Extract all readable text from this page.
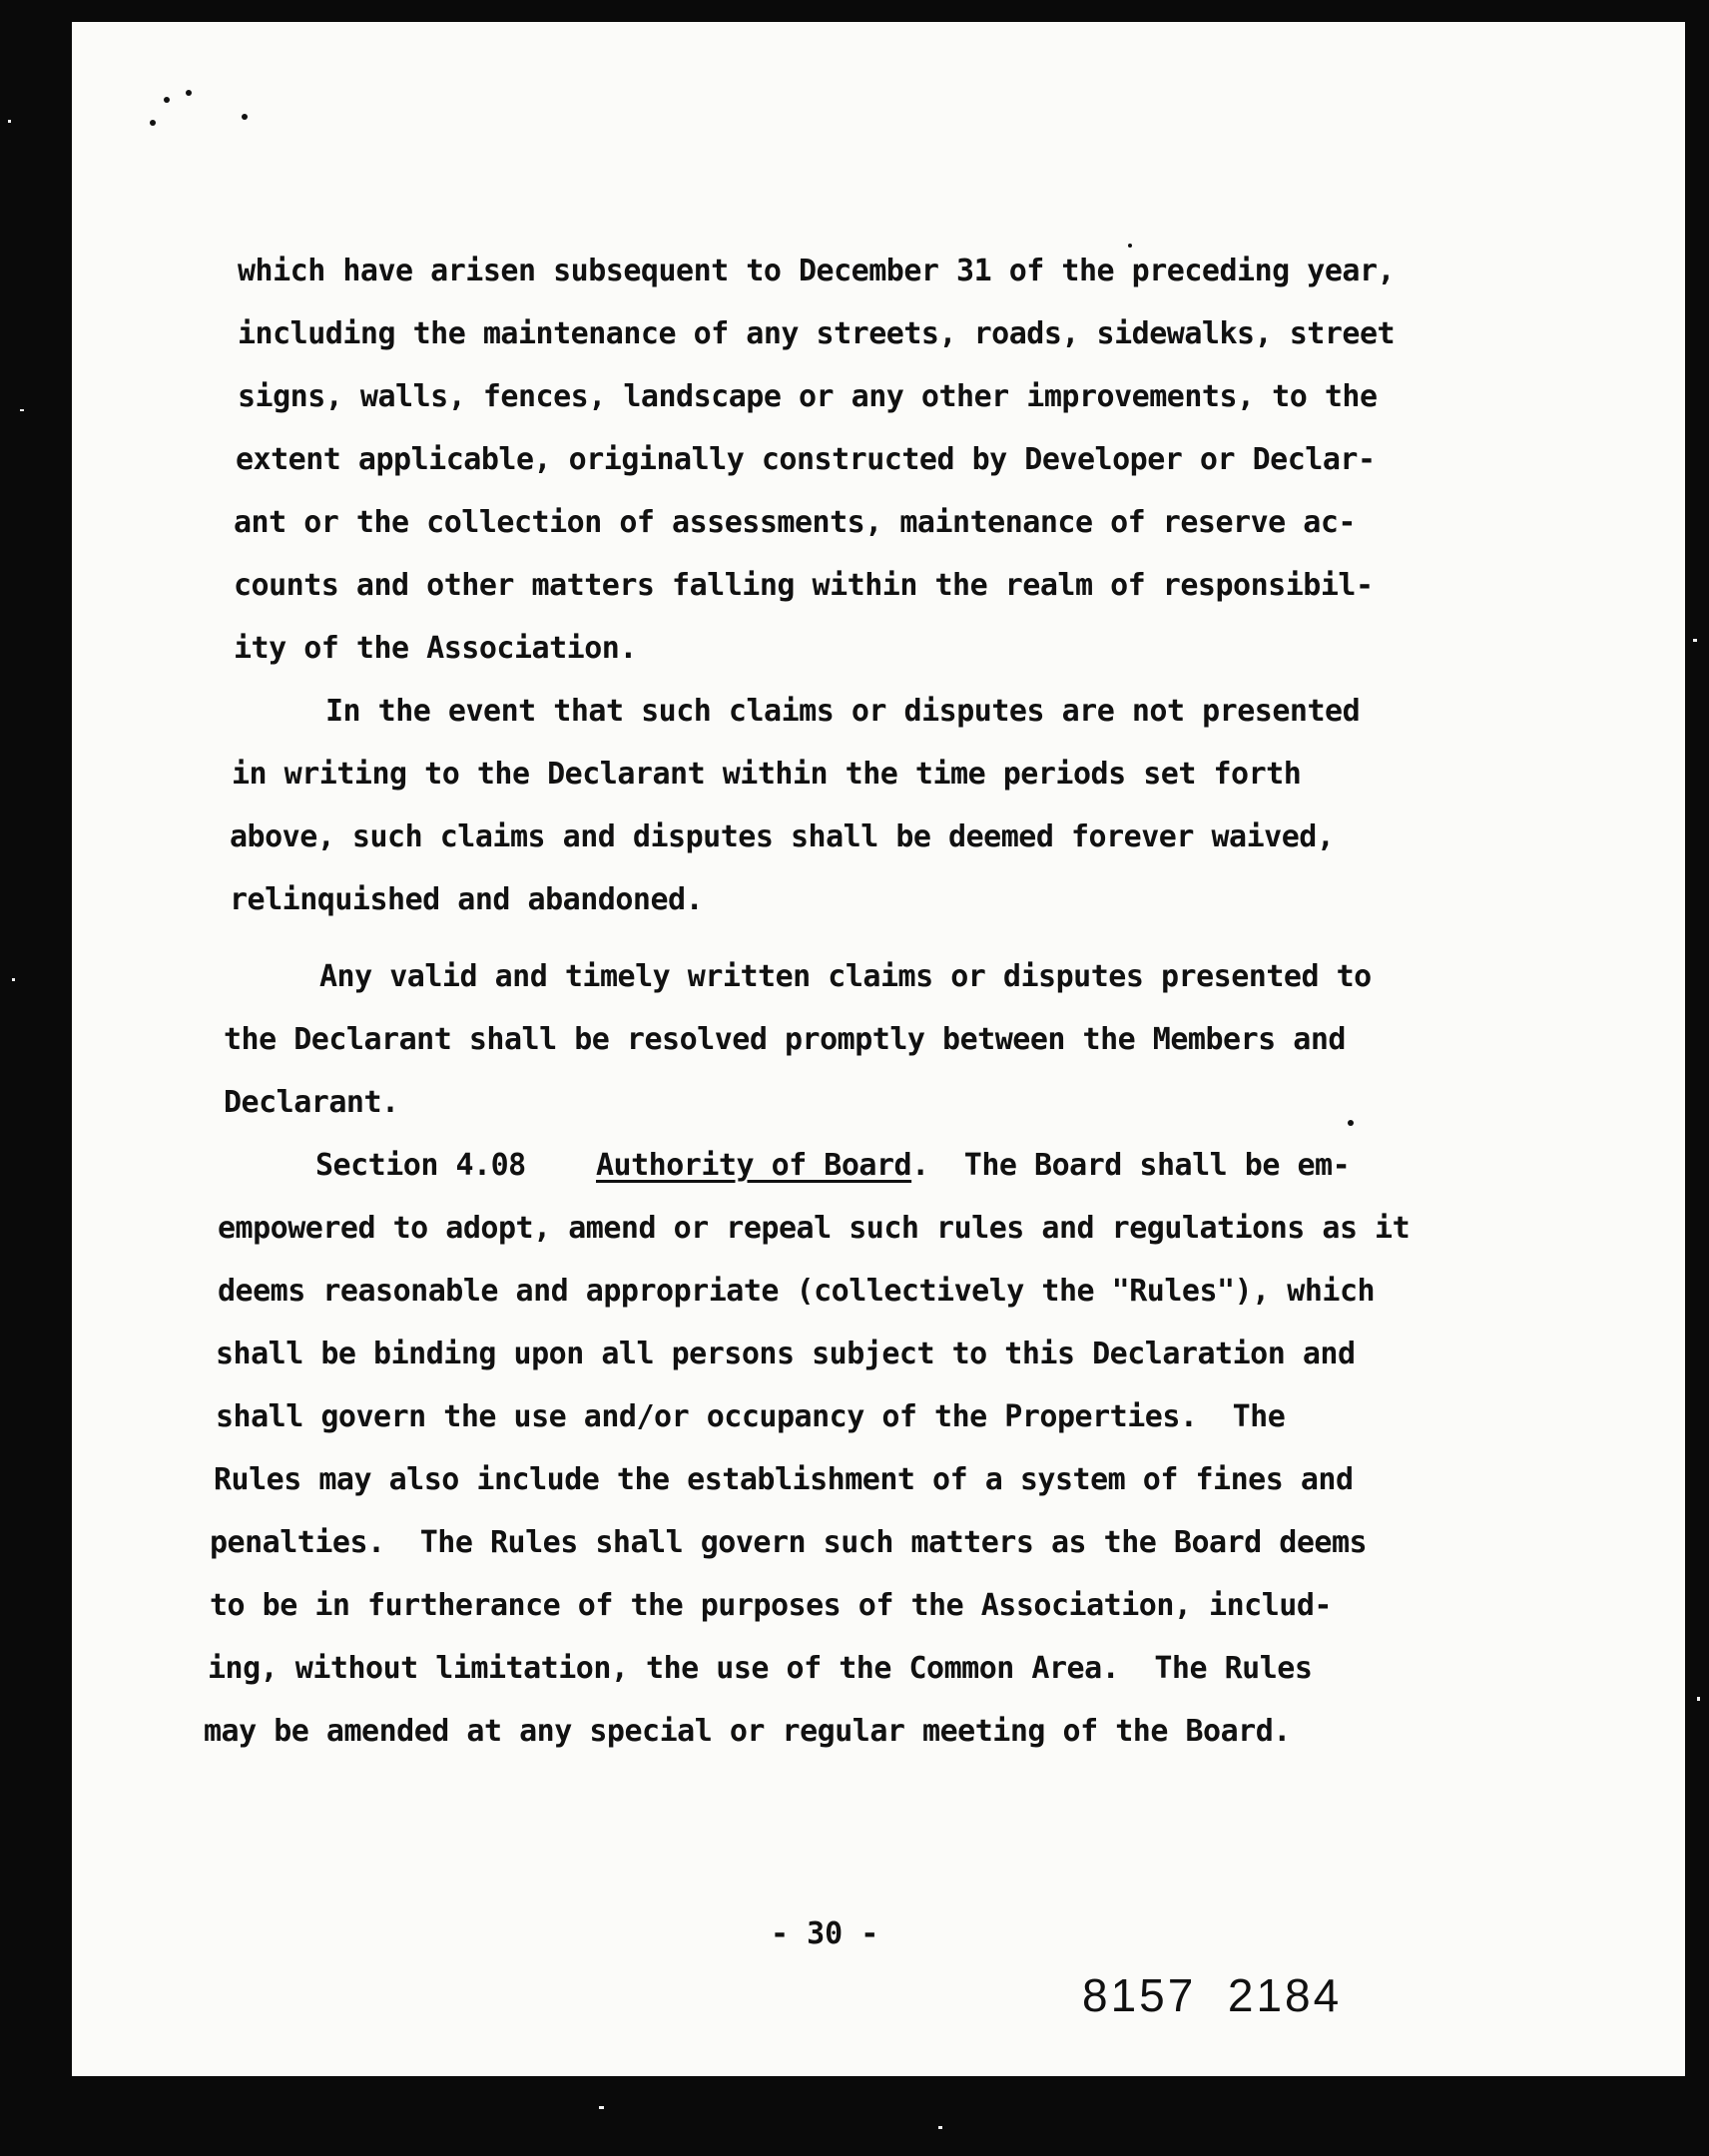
which have arisen subsequent to December 31 of the preceding year,

including the maintenance of any streets, roads, sidewalks, street

signs, walls, fences, landscape or any other improvements, to the

extent applicable, originally constructed by Developer or Declar-

ant or the collection of assessments, maintenance of reserve ac-

counts and other matters falling within the realm of responsibil-

ity of the Association.

In the event that such claims or disputes are not presented

in writing to the Declarant within the time periods set forth

above, such claims and disputes shall be deemed forever waived,

relinquished and abandoned.

Any valid and timely written claims or disputes presented to

the Declarant shall be resolved promptly between the Members and

Declarant.

Section 4.08 Authority of Board.  The Board shall be em-

empowered to adopt, amend or repeal such rules and regulations as it

deems reasonable and appropriate (collectively the "Rules"), which

shall be binding upon all persons subject to this Declaration and

shall govern the use and/or occupancy of the Properties.  The

Rules may also include the establishment of a system of fines and

penalties.  The Rules shall govern such matters as the Board deems

to be in furtherance of the purposes of the Association, includ-

ing, without limitation, the use of the Common Area.  The Rules

may be amended at any special or regular meeting of the Board.

- 30 -
8157  2184
